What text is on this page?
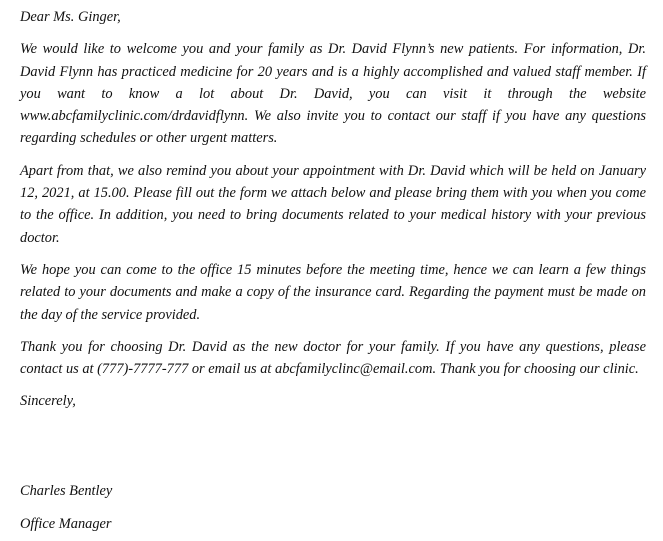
Dear Ms. Ginger,

We would like to welcome you and your family as Dr. David Flynn’s new patients. For information, Dr. David Flynn has practiced medicine for 20 years and is a highly accomplished and valued staff member. If you want to know a lot about Dr. David, you can visit it through the website www.abcfamilyclinic.com/drdavidflynn. We also invite you to contact our staff if you have any questions regarding schedules or other urgent matters.

Apart from that, we also remind you about your appointment with Dr. David which will be held on January 12, 2021, at 15.00. Please fill out the form we attach below and please bring them with you when you come to the office. In addition, you need to bring documents related to your medical history with your previous doctor.

We hope you can come to the office 15 minutes before the meeting time, hence we can learn a few things related to your documents and make a copy of the insurance card. Regarding the payment must be made on the day of the service provided.

Thank you for choosing Dr. David as the new doctor for your family. If you have any questions, please contact us at (777)-7777-777 or email us at abcfamilyclinc@email.com. Thank you for choosing our clinic.

Sincerely,

Charles Bentley

Office Manager
